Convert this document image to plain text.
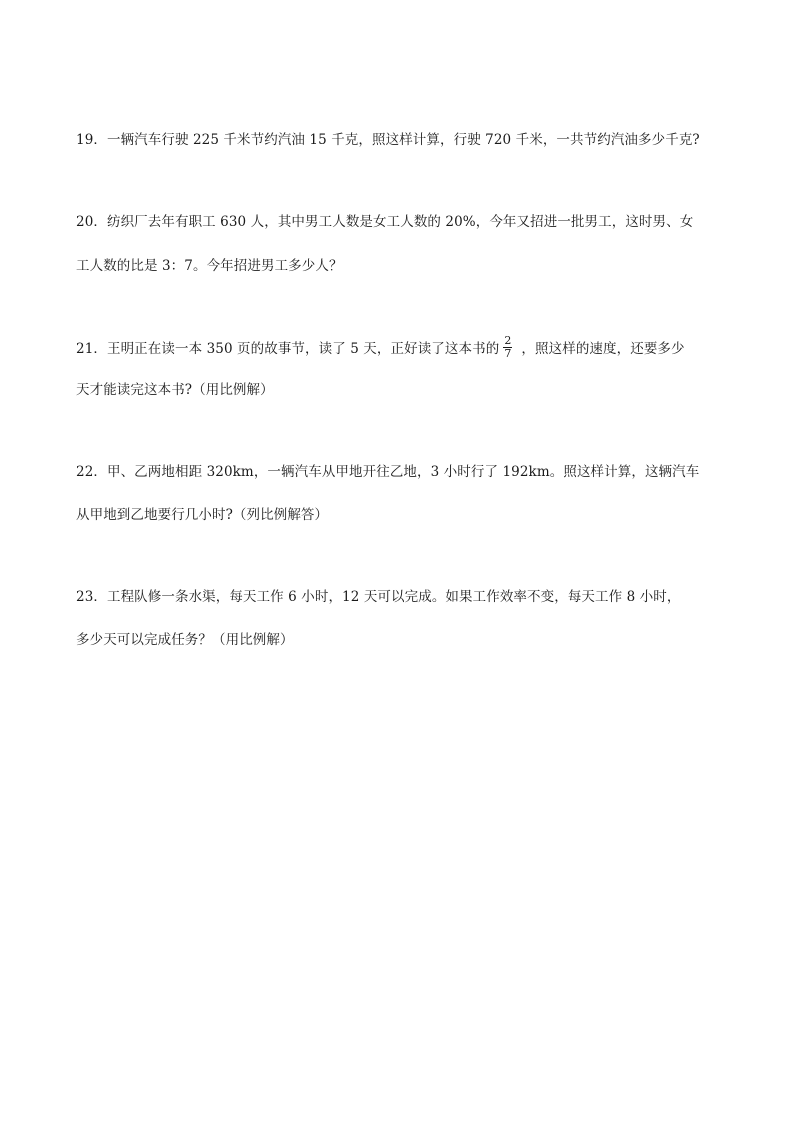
19．一辆汽车行驶 225 千米节约汽油 15 千克，照这样计算，行驶 720 千米，一共节约汽油多少千克?
20．纺织厂去年有职工 630 人，其中男工人数是女工人数的 20%，今年又招进一批男工，这时男、女
工人数的比是 3：7。今年招进男工多少人？
21．王明正在读一本 350 页的故事节，读了 5 天，正好读了这本书的 $\frac{2}{7}$ ，照这样的速度，还要多少
天才能读完这本书?（用比例解）
22．甲、乙两地相距 320km，一辆汽车从甲地开往乙地，3 小时行了 192km。照这样计算，这辆汽车
从甲地到乙地要行几小时?（列比例解答）
23．工程队修一条水渠，每天工作 6 小时，12 天可以完成。如果工作效率不变，每天工作 8 小时，
多少天可以完成任务？（用比例解）
